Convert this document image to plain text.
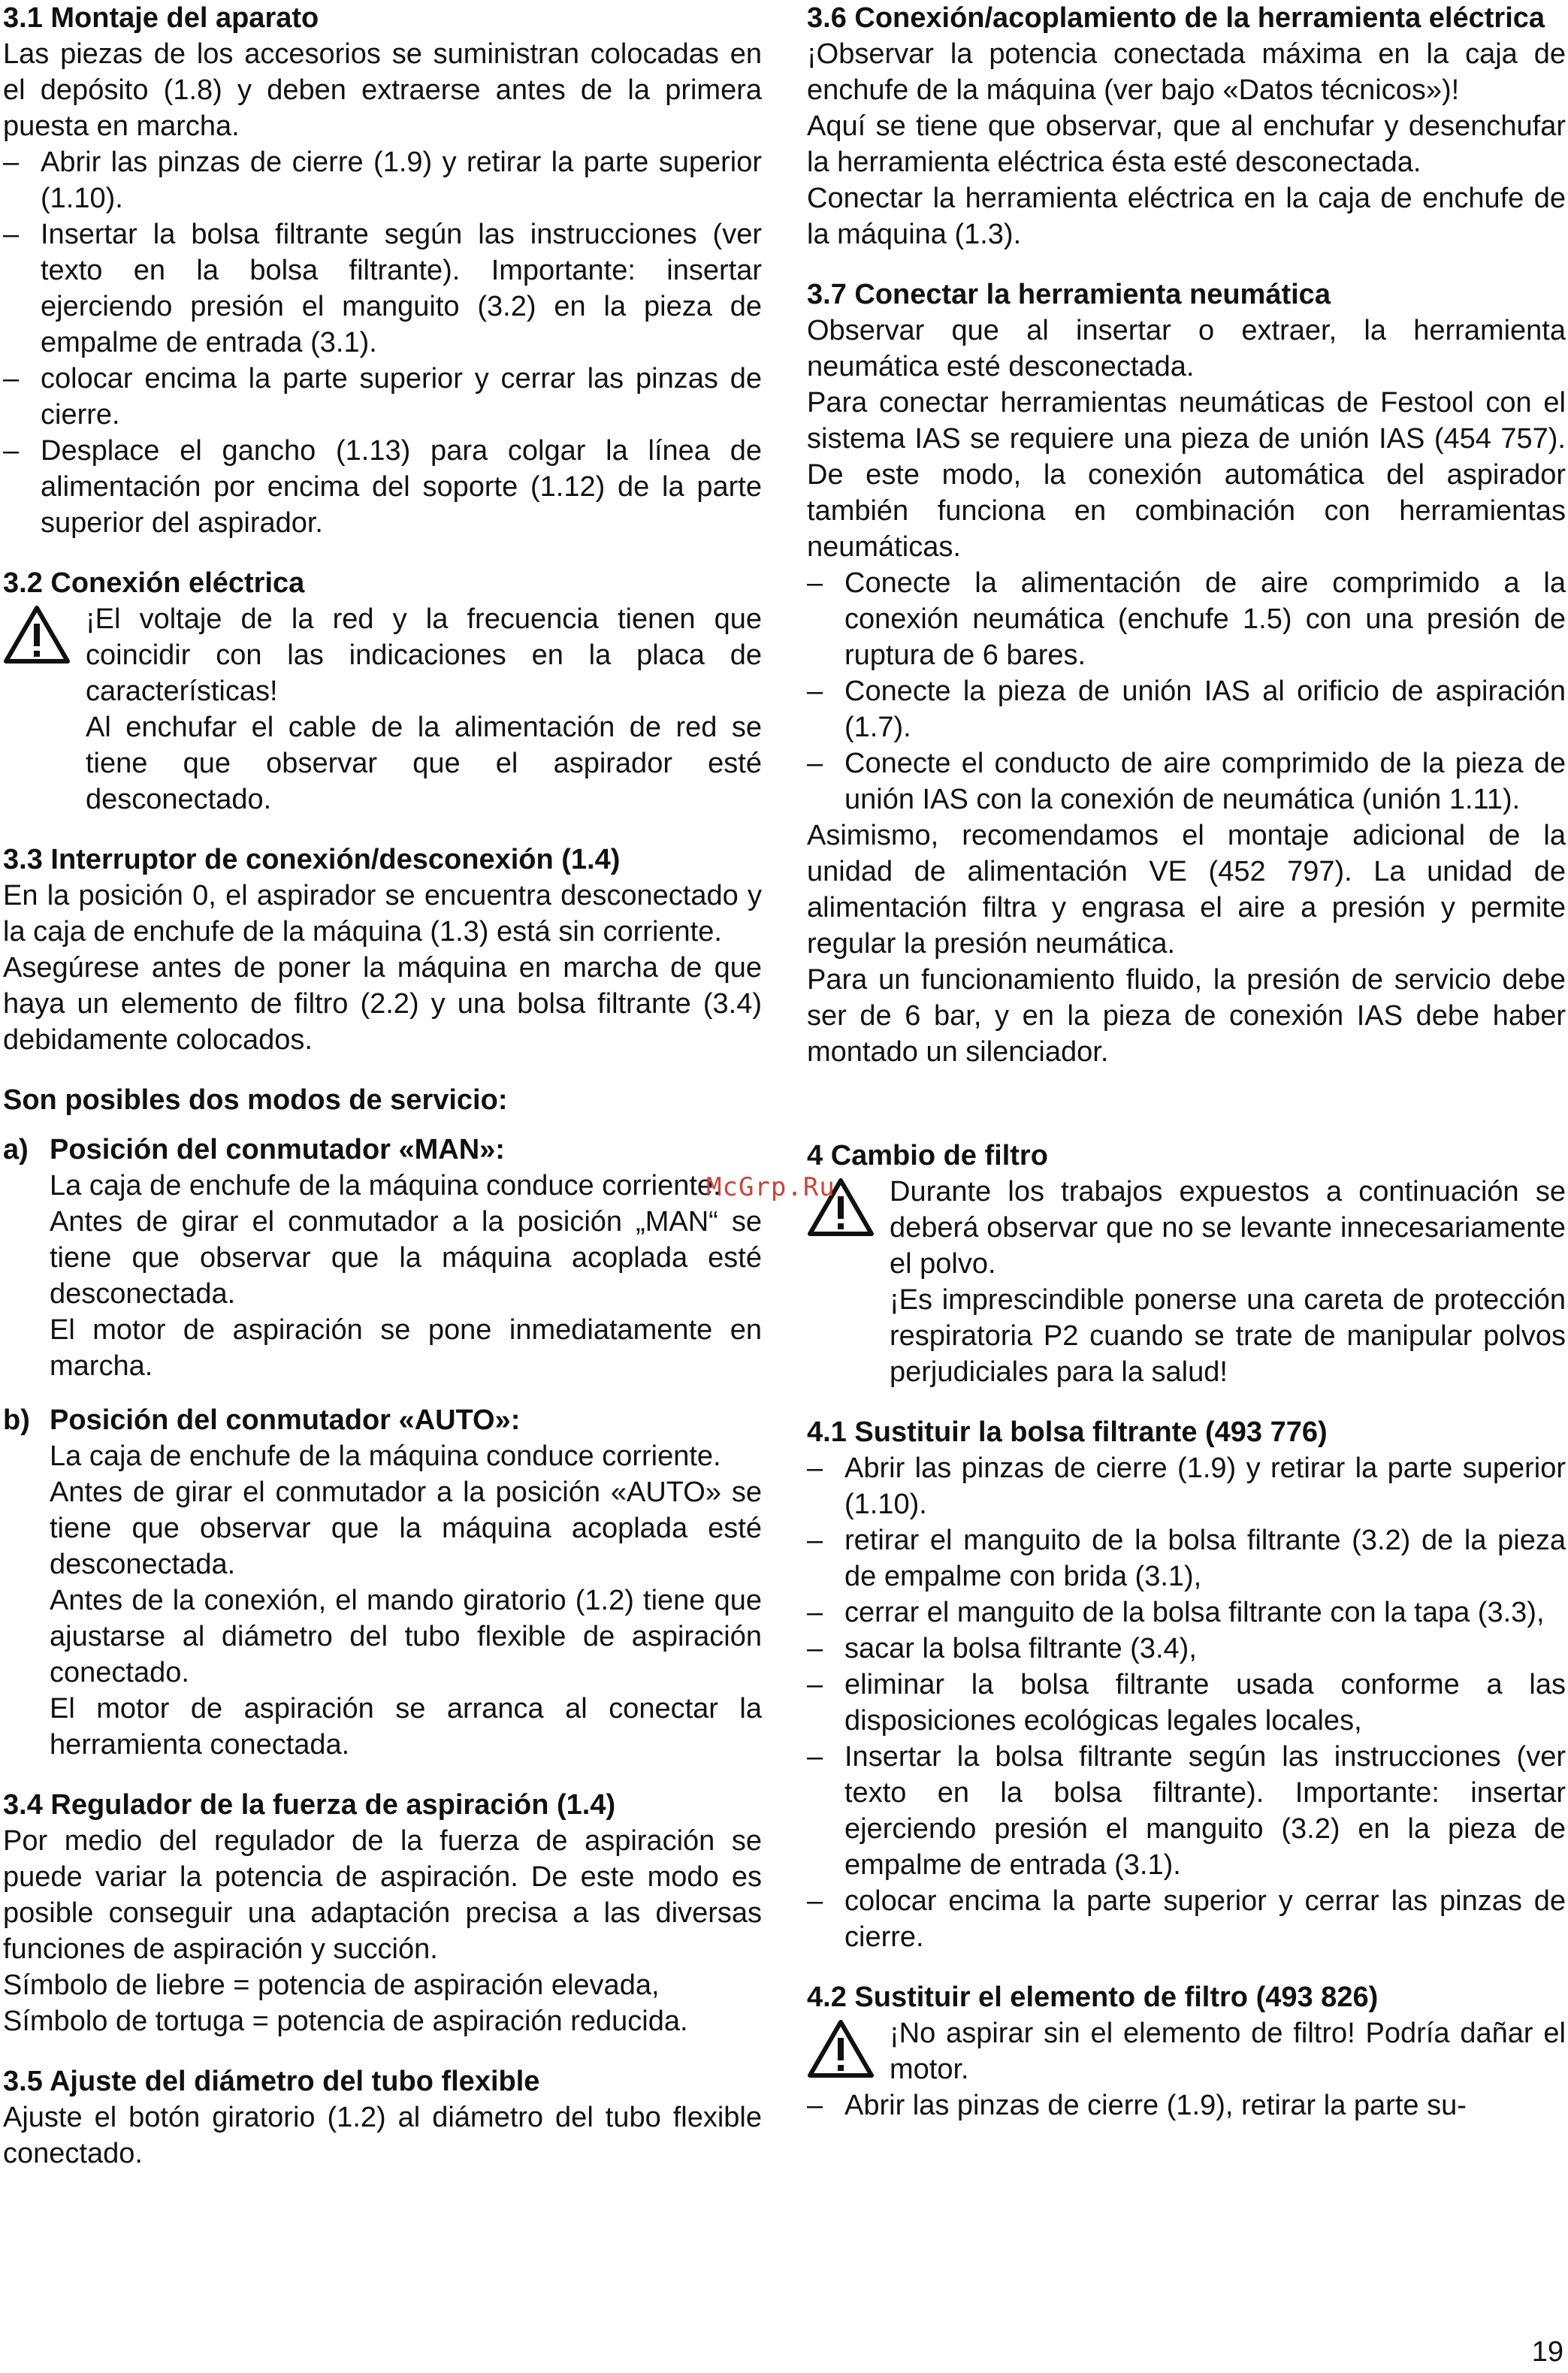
3.1 Montaje del aparato

Las piezas de los accesorios se suministran colocadas en el depósito (1.8) y deben extraerse antes de la primera puesta en marcha.

– Abrir las pinzas de cierre (1.9) y retirar la parte superior (1.10).
– Insertar la bolsa filtrante según las instrucciones (ver texto en la bolsa filtrante). Importante: insertar ejerciendo presión el manguito (3.2) en la pieza de empalme de entrada (3.1).
– colocar encima la parte superior y cerrar las pinzas de cierre.
– Desplace el gancho (1.13) para colgar la línea de alimentación por encima del soporte (1.12) de la parte superior del aspirador.
3.2 Conexión eléctrica

¡El voltaje de la red y la frecuencia tienen que coincidir con las indicaciones en la placa de características!

Al enchufar el cable de la alimentación de red se tiene que observar que el aspirador esté desconectado.

3.3 Interruptor de conexión/desconexión (1.4)

En la posición 0, el aspirador se encuentra desconectado y la caja de enchufe de la máquina (1.3) está sin corriente.

Asegúrese antes de poner la máquina en marcha de que haya un elemento de filtro (2.2) y una bolsa filtrante (3.4) debidamente colocados.

Son posibles dos modos de servicio:
a) Posición del conmutador «MAN»:

La caja de enchufe de la máquina conduce corriente.

Antes de girar el conmutador a la posición „MAN“ se tiene que observar que la máquina acoplada esté desconectada.

El motor de aspiración se pone inmediatamente en marcha.

b) Posición del conmutador «AUTO»:

La caja de enchufe de la máquina conduce corriente.

Antes de girar el conmutador a la posición «AUTO» se tiene que observar que la máquina acoplada esté desconectada.

Antes de la conexión, el mando giratorio (1.2) tiene que ajustarse al diámetro del tubo flexible de aspiración conectado.

El motor de aspiración se arranca al conectar la herramienta conectada.

3.4 Regulador de la fuerza de aspiración (1.4)

Por medio del regulador de la fuerza de aspiración se puede variar la potencia de aspiración. De este modo es posible conseguir una adaptación precisa a las diversas funciones de aspiración y succión.

Símbolo de liebre = potencia de aspiración elevada,

Símbolo de tortuga = potencia de aspiración reducida.

3.5 Ajuste del diámetro del tubo flexible

Ajuste el botón giratorio (1.2) al diámetro del tubo flexible conectado.

3.6 Conexión/acoplamiento de la herramienta eléctrica

¡Observar la potencia conectada máxima en la caja de enchufe de la máquina (ver bajo «Datos técnicos»)!

Aquí se tiene que observar, que al enchufar y desenchufar la herramienta eléctrica ésta esté desconectada.

Conectar la herramienta eléctrica en la caja de enchufe de la máquina (1.3).

3.7 Conectar la herramienta neumática

Observar que al insertar o extraer, la herramienta neumática esté desconectada.

Para conectar herramientas neumáticas de Festool con el sistema IAS se requiere una pieza de unión IAS (454 757). De este modo, la conexión automática del aspirador también funciona en combinación con herramientas neumáticas.

– Conecte la alimentación de aire comprimido a la conexión neumática (enchufe 1.5) con una presión de ruptura de 6 bares.
– Conecte la pieza de unión IAS al orificio de aspiración (1.7).
– Conecte el conducto de aire comprimido de la pieza de unión IAS con la conexión de neumática (unión 1.11).

Asimismo, recomendamos el montaje adicional de la unidad de alimentación VE (452 797). La unidad de alimentación filtra y engrasa el aire a presión y permite regular la presión neumática.

Para un funcionamiento fluido, la presión de servicio debe ser de 6 bar, y en la pieza de conexión IAS debe haber montado un silenciador.

4 Cambio de filtro

Durante los trabajos expuestos a continuación se deberá observar que no se levante innecesariamente el polvo.

¡Es imprescindible ponerse una careta de protección respiratoria P2 cuando se trate de manipular polvos perjudiciales para la salud!

4.1 Sustituir la bolsa filtrante (493 776)
– Abrir las pinzas de cierre (1.9) y retirar la parte superior (1.10).
– retirar el manguito de la bolsa filtrante (3.2) de la pieza de empalme con brida (3.1),
– cerrar el manguito de la bolsa filtrante con la tapa (3.3),
– sacar la bolsa filtrante (3.4),
– eliminar la bolsa filtrante usada conforme a las disposiciones ecológicas legales locales,
– Insertar la bolsa filtrante según las instrucciones (ver texto en la bolsa filtrante). Importante: insertar ejerciendo presión el manguito (3.2) en la pieza de empalme de entrada (3.1).
– colocar encima la parte superior y cerrar las pinzas de cierre.
4.2 Sustituir el elemento de filtro (493 826)

¡No aspirar sin el elemento de filtro! Podría dañar el motor.

– Abrir las pinzas de cierre (1.9), retirar la parte su-
McGrp.Ru
19
